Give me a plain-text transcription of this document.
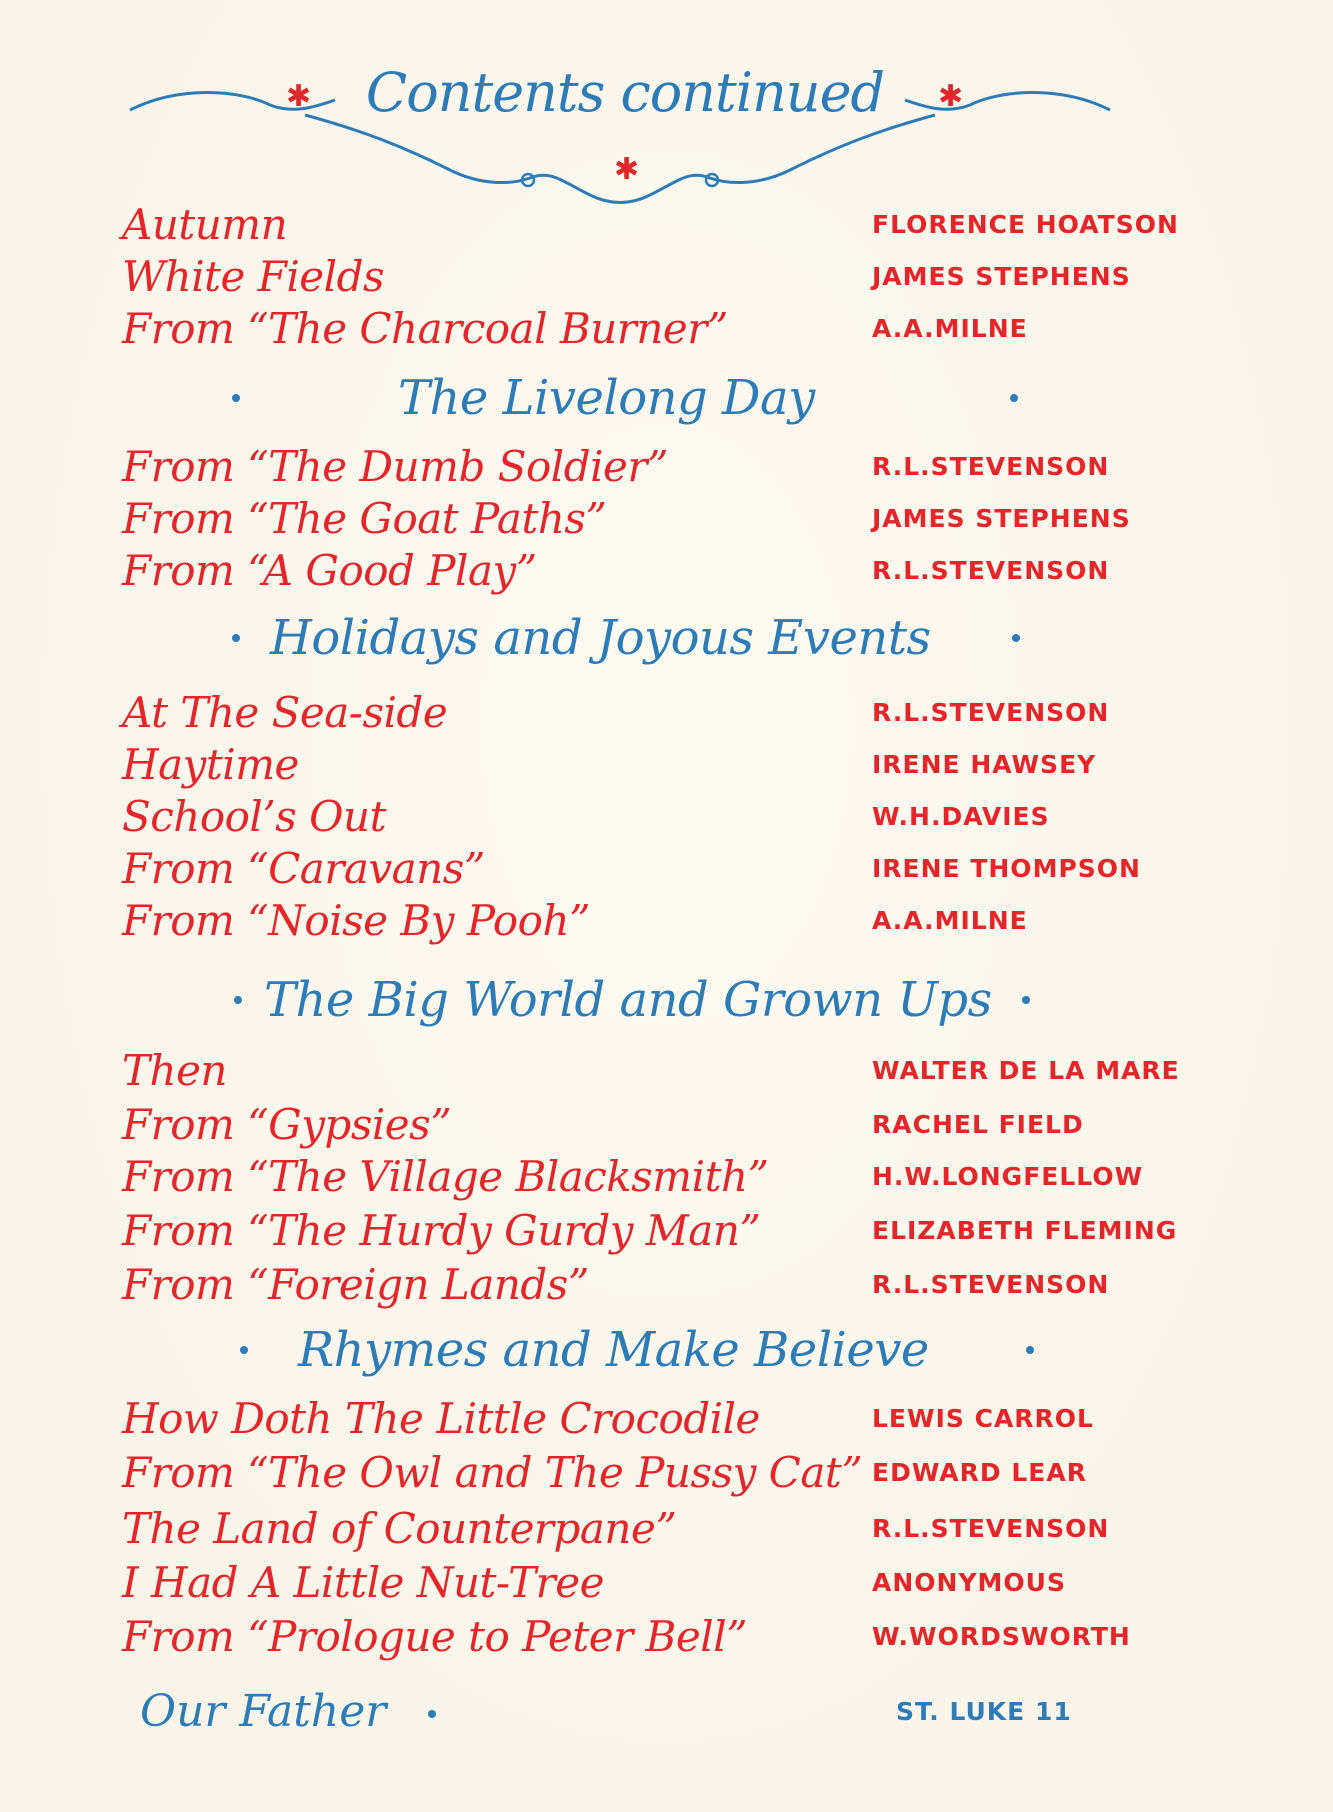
✱	✱
✱
Contents continued
Autumn	FLORENCE HOATSON
White Fields	JAMES STEPHENS
From “The Charcoal Burner”	A.A.MILNE
The Livelong Day
From “The Dumb Soldier”	R.L.STEVENSON
From “The Goat Paths”	JAMES STEPHENS
From “A Good Play”	R.L.STEVENSON
Holidays and Joyous Events
At The Sea-side	R.L.STEVENSON
Haytime	IRENE HAWSEY
School’s Out	W.H.DAVIES
From “Caravans”	IRENE THOMPSON
From “Noise By Pooh”	A.A.MILNE
The Big World and Grown Ups
Then	WALTER DE LA MARE
From “Gypsies”	RACHEL FIELD
From “The Village Blacksmith”	H.W.LONGFELLOW
From “The Hurdy Gurdy Man”	ELIZABETH FLEMING
From “Foreign Lands”	R.L.STEVENSON
Rhymes and Make Believe
How Doth The Little Crocodile	LEWIS CARROL
From “The Owl and The Pussy Cat” EDWARD LEAR
The Land of Counterpane”	R.L.STEVENSON
I Had A Little Nut-Tree	ANONYMOUS
From “Prologue to Peter Bell”	W.WORDSWORTH
Our Father	ST. LUKE 11
